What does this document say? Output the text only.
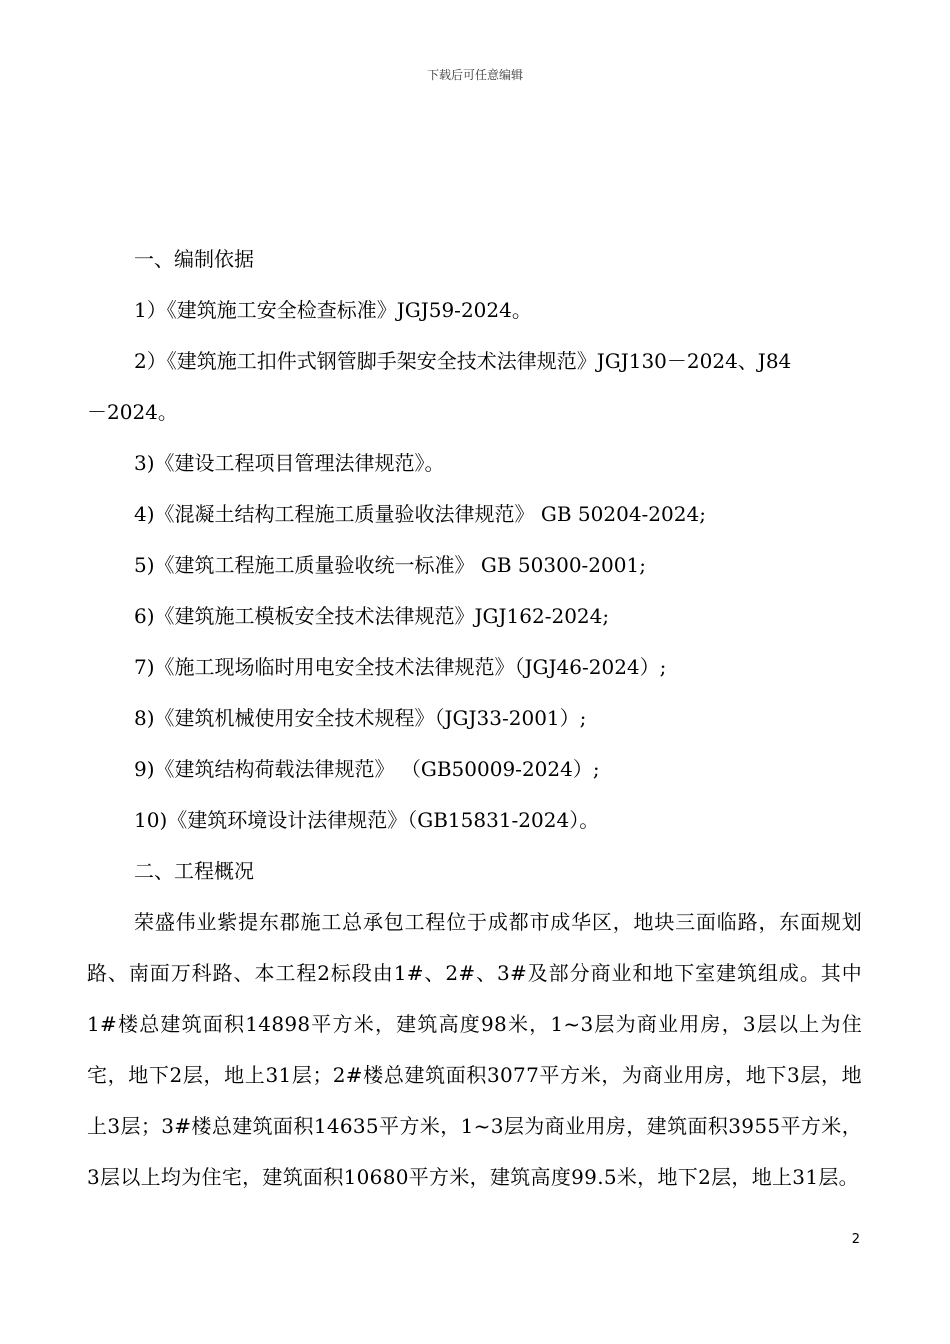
下载后可任意编辑

一、编制依据

1）《建筑施工安全检查标准》JGJ59-2024。

2）《建筑施工扣件式钢管脚手架安全技术法律规范》JGJ130－2024、J84

－2024。

3)《建设工程项目管理法律规范》。

4)《混凝土结构工程施工质量验收法律规范》 GB 50204-2024;

5)《建筑工程施工质量验收统一标准》 GB 50300-2001;

6)《建筑施工模板安全技术法律规范》JGJ162-2024;

7)《施工现场临时用电安全技术法律规范》（JGJ46-2024）;

8)《建筑机械使用安全技术规程》（JGJ33-2001）;

9)《建筑结构荷载法律规范》 （GB50009-2024）;

10)《建筑环境设计法律规范》（GB15831-2024）。

二、工程概况

荣盛伟业紫提东郡施工总承包工程位于成都市成华区，地块三面临路，东面规划路、南面万科路、本工程2标段由1#、2#、3#及部分商业和地下室建筑组成。其中1#楼总建筑面积14898平方米，建筑高度98米，1~3层为商业用房，3层以上为住宅，地下2层，地上31层；2#楼总建筑面积3077平方米，为商业用房，地下3层，地上3层；3#楼总建筑面积14635平方米，1~3层为商业用房，建筑面积3955平方米，3层以上均为住宅，建筑面积10680平方米，建筑高度99.5米，地下2层，地上31层。

2
